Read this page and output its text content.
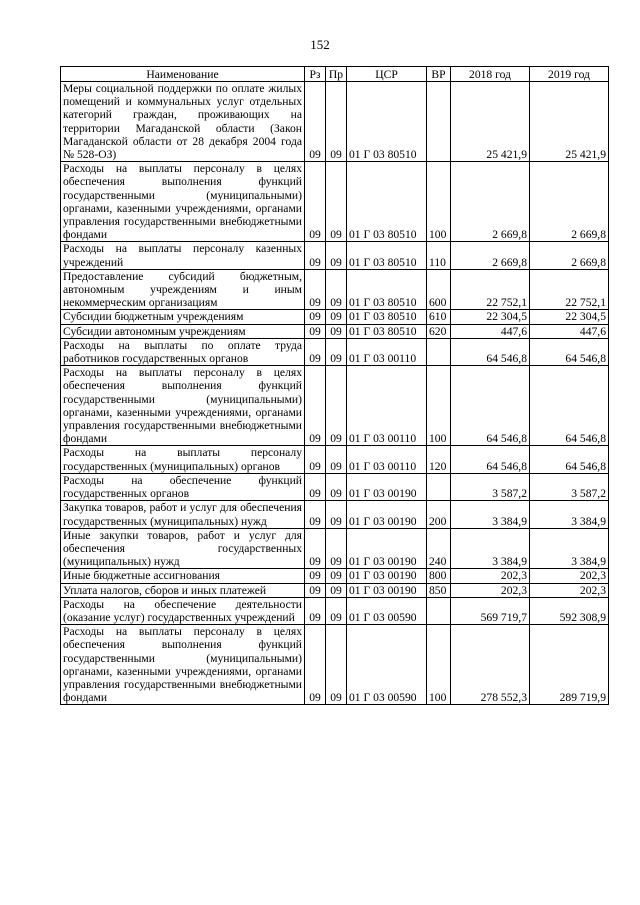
152
Наименование	Рз	Пр	ЦСР	ВР	2018 год	2019 год
Меры социальной поддержки по оплате жилых помещений и коммунальных услуг отдельных категорий граждан, проживающих на территории Магаданской области (Закон Магаданской области от 28 декабря 2004 года № 528-ОЗ)	09	09	01 Г 03 80510		25 421,9	25 421,9
Расходы на выплаты персоналу в целях обеспечения выполнения функций государственными (муниципальными) органами, казенными учреждениями, органами управления государственными внебюджетными фондами	09	09	01 Г 03 80510	100	2 669,8	2 669,8
Расходы на выплаты персоналу казенных учреждений	09	09	01 Г 03 80510	110	2 669,8	2 669,8
Предоставление субсидий бюджетным, автономным учреждениям и иным некоммерческим организациям	09	09	01 Г 03 80510	600	22 752,1	22 752,1
Субсидии бюджетным учреждениям	09	09	01 Г 03 80510	610	22 304,5	22 304,5
Субсидии автономным учреждениям	09	09	01 Г 03 80510	620	447,6	447,6
Расходы на выплаты по оплате труда работников государственных органов	09	09	01 Г 03 00110		64 546,8	64 546,8
Расходы на выплаты персоналу в целях обеспечения выполнения функций государственными (муниципальными) органами, казенными учреждениями, органами управления государственными внебюджетными фондами	09	09	01 Г 03 00110	100	64 546,8	64 546,8
Расходы на выплаты персоналу государственных (муниципальных) органов	09	09	01 Г 03 00110	120	64 546,8	64 546,8
Расходы на обеспечение функций государственных органов	09	09	01 Г 03 00190		3 587,2	3 587,2
Закупка товаров, работ и услуг для обеспечения государственных (муниципальных) нужд	09	09	01 Г 03 00190	200	3 384,9	3 384,9
Иные закупки товаров, работ и услуг для обеспечения государственных (муниципальных) нужд	09	09	01 Г 03 00190	240	3 384,9	3 384,9
Иные бюджетные ассигнования	09	09	01 Г 03 00190	800	202,3	202,3
Уплата налогов, сборов и иных платежей	09	09	01 Г 03 00190	850	202,3	202,3
Расходы на обеспечение деятельности (оказание услуг) государственных учреждений	09	09	01 Г 03 00590		569 719,7	592 308,9
Расходы на выплаты персоналу в целях обеспечения выполнения функций государственными (муниципальными) органами, казенными учреждениями, органами управления государственными внебюджетными фондами	09	09	01 Г 03 00590	100	278 552,3	289 719,9
